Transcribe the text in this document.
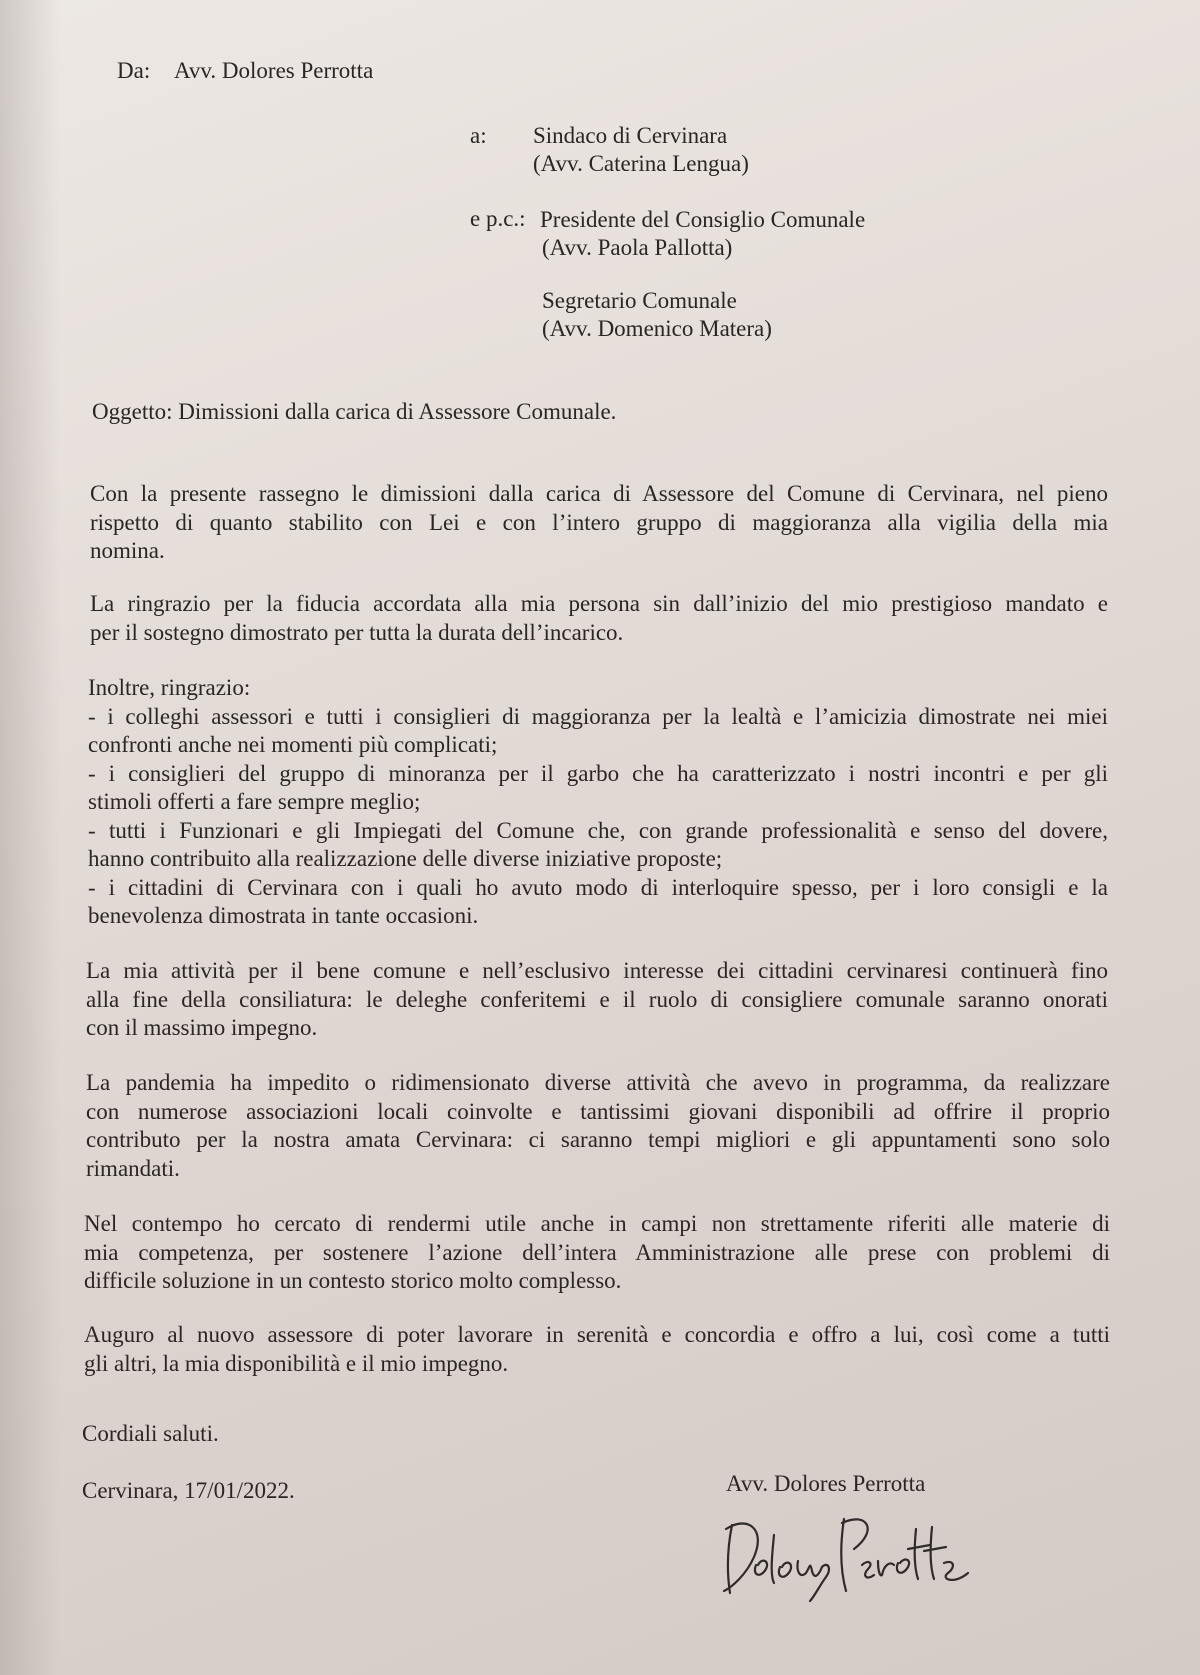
Da: Avv. Dolores Perrotta
a: Sindaco di Cervinara
(Avv. Caterina Lengua)
e p.c.: Presidente del Consiglio Comunale
(Avv. Paola Pallotta)
Segretario Comunale
(Avv. Domenico Matera)
Oggetto: Dimissioni dalla carica di Assessore Comunale.
Con la presente rassegno le dimissioni dalla carica di Assessore del Comune di Cervinara, nel pieno
rispetto di quanto stabilito con Lei e con l’intero gruppo di maggioranza alla vigilia della mia
nomina.
La ringrazio per la fiducia accordata alla mia persona sin dall’inizio del mio prestigioso mandato e
per il sostegno dimostrato per tutta la durata dell’incarico.
Inoltre, ringrazio:
- i colleghi assessori e tutti i consiglieri di maggioranza per la lealtà e l’amicizia dimostrate nei miei
confronti anche nei momenti più complicati;
- i consiglieri del gruppo di minoranza per il garbo che ha caratterizzato i nostri incontri e per gli
stimoli offerti a fare sempre meglio;
- tutti i Funzionari e gli Impiegati del Comune che, con grande professionalità e senso del dovere,
hanno contribuito alla realizzazione delle diverse iniziative proposte;
- i cittadini di Cervinara con i quali ho avuto modo di interloquire spesso, per i loro consigli e la
benevolenza dimostrata in tante occasioni.
La mia attività per il bene comune e nell’esclusivo interesse dei cittadini cervinaresi continuerà fino
alla fine della consiliatura: le deleghe conferitemi e il ruolo di consigliere comunale saranno onorati
con il massimo impegno.
La pandemia ha impedito o ridimensionato diverse attività che avevo in programma, da realizzare
con numerose associazioni locali coinvolte e tantissimi giovani disponibili ad offrire il proprio
contributo per la nostra amata Cervinara: ci saranno tempi migliori e gli appuntamenti sono solo
rimandati.
Nel contempo ho cercato di rendermi utile anche in campi non strettamente riferiti alle materie di
mia competenza, per sostenere l’azione dell’intera Amministrazione alle prese con problemi di
difficile soluzione in un contesto storico molto complesso.
Auguro al nuovo assessore di poter lavorare in serenità e concordia e offro a lui, così come a tutti
gli altri, la mia disponibilità e il mio impegno.
Cordiali saluti.
Cervinara, 17/01/2022.	Avv. Dolores Perrotta
